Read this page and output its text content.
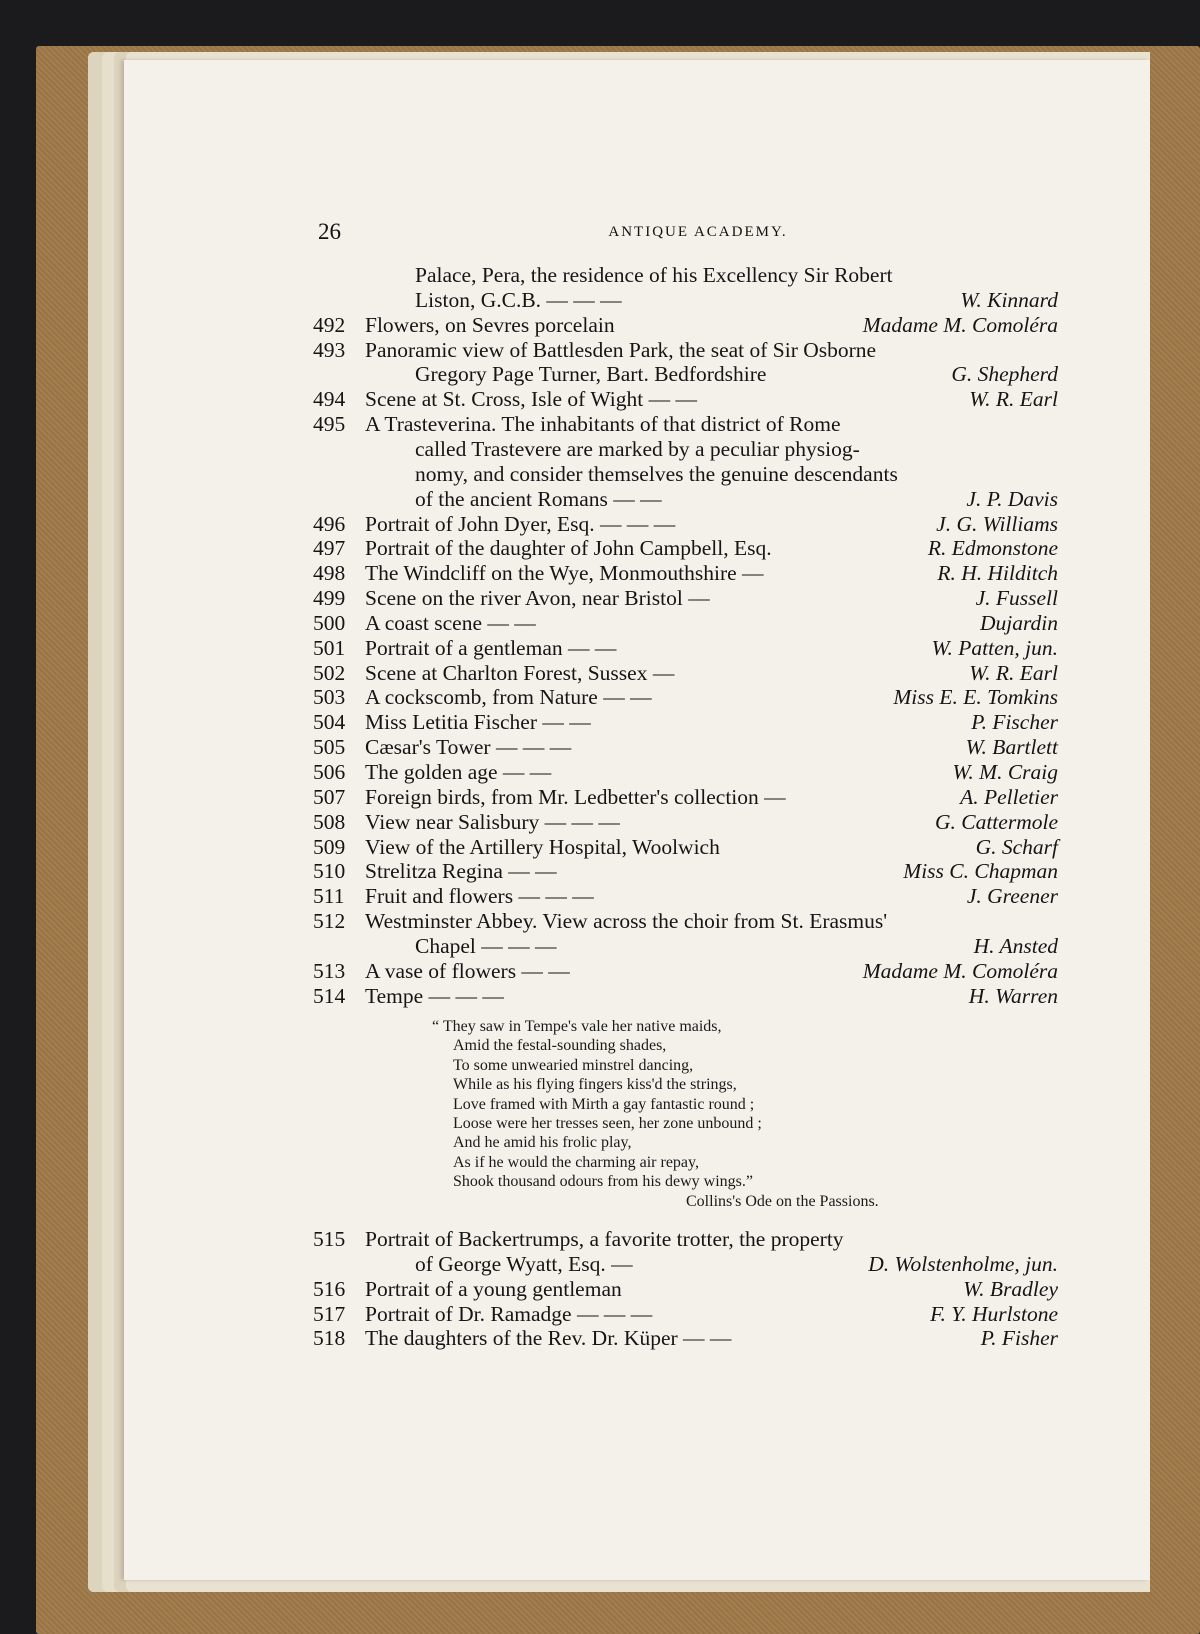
26	ANTIQUE ACADEMY.
Palace, Pera, the residence of his Excellency Sir Robert
Liston, G.C.B. — — —	W. Kinnard
492 Flowers, on Sevres porcelain	Madame M. Comoléra
493 Panoramic view of Battlesden Park, the seat of Sir Osborne
Gregory Page Turner, Bart. Bedfordshire	G. Shepherd
494 Scene at St. Cross, Isle of Wight — —	W. R. Earl
495 A Trasteverina. The inhabitants of that district of Rome
called Trastevere are marked by a peculiar physiog-
nomy, and consider themselves the genuine descendants
of the ancient Romans — —	J. P. Davis
496 Portrait of John Dyer, Esq. — — —	J. G. Williams
497 Portrait of the daughter of John Campbell, Esq.	R. Edmonstone
498 The Windcliff on the Wye, Monmouthshire —	R. H. Hilditch
499 Scene on the river Avon, near Bristol —	J. Fussell
500 A coast scene — —	Dujardin
501 Portrait of a gentleman — —	W. Patten, jun.
502 Scene at Charlton Forest, Sussex —	W. R. Earl
503 A cockscomb, from Nature — —	Miss E. E. Tomkins
504 Miss Letitia Fischer — —	P. Fischer
505 Cæsar's Tower — — —	W. Bartlett
506 The golden age — —	W. M. Craig
507 Foreign birds, from Mr. Ledbetter's collection —	A. Pelletier
508 View near Salisbury — — —	G. Cattermole
509 View of the Artillery Hospital, Woolwich	G. Scharf
510 Strelitza Regina — —	Miss C. Chapman
511 Fruit and flowers — — —	J. Greener
512 Westminster Abbey. View across the choir from St. Erasmus'
Chapel — — —	H. Ansted
513 A vase of flowers — —	Madame M. Comoléra
514 Tempe — — —	H. Warren
515 Portrait of Backertrumps, a favorite trotter, the property
of George Wyatt, Esq. —	D. Wolstenholme, jun.
516 Portrait of a young gentleman	W. Bradley
517 Portrait of Dr. Ramadge — — —	F. Y. Hurlstone
518 The daughters of the Rev. Dr. Küper — —	P. Fisher
“ They saw in Tempe's vale her native maids,
Amid the festal-sounding shades,
To some unwearied minstrel dancing,
While as his flying fingers kiss'd the strings,
Love framed with Mirth a gay fantastic round ;
Loose were her tresses seen, her zone unbound ;
And he amid his frolic play,
As if he would the charming air repay,
Shook thousand odours from his dewy wings.”
Collins's Ode on the Passions.
